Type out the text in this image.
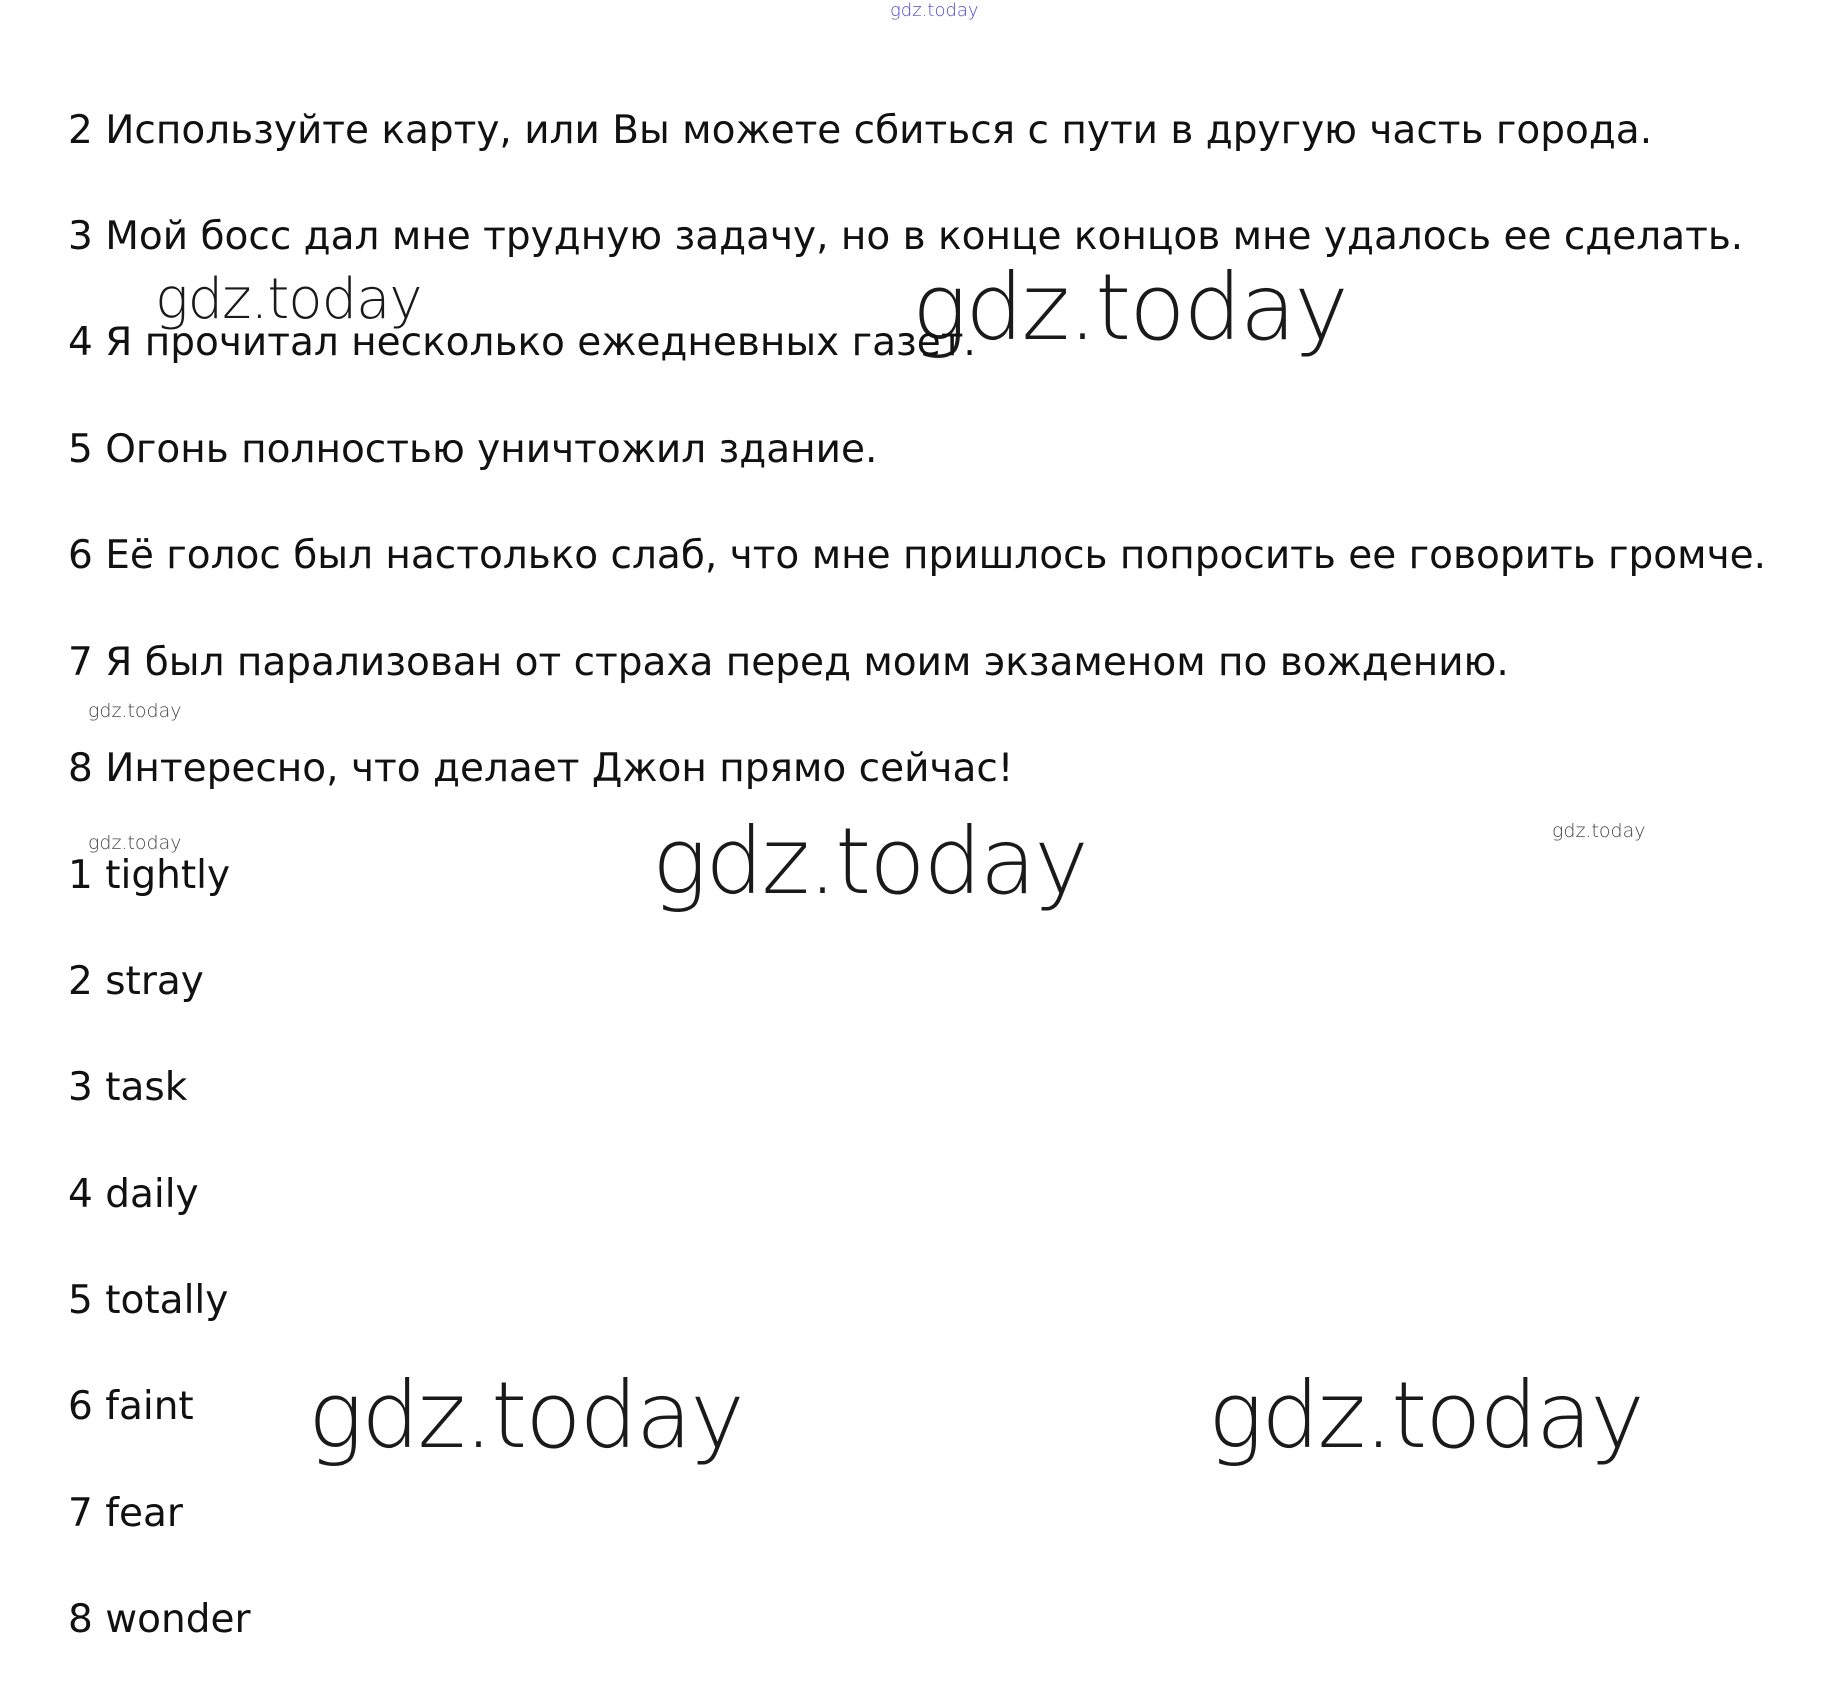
gdz.today
gdz.today	gdz.today
gdz.today
gdz.today
gdz.today
gdz.today
gdz.today	gdz.today
2 Используйте карту, или Вы можете сбиться с пути в другую часть города.
3 Мой босс дал мне трудную задачу, но в конце концов мне удалось ее сделать.
4 Я прочитал несколько ежедневных газет.
5 Огонь полностью уничтожил здание.
6 Её голос был настолько слаб, что мне пришлось попросить ее говорить громче.
7 Я был парализован от страха перед моим экзаменом по вождению.
8 Интересно, что делает Джон прямо сейчас!
1 tightly
2 stray
3 task
4 daily
5 totally
6 faint
7 fear
8 wonder
